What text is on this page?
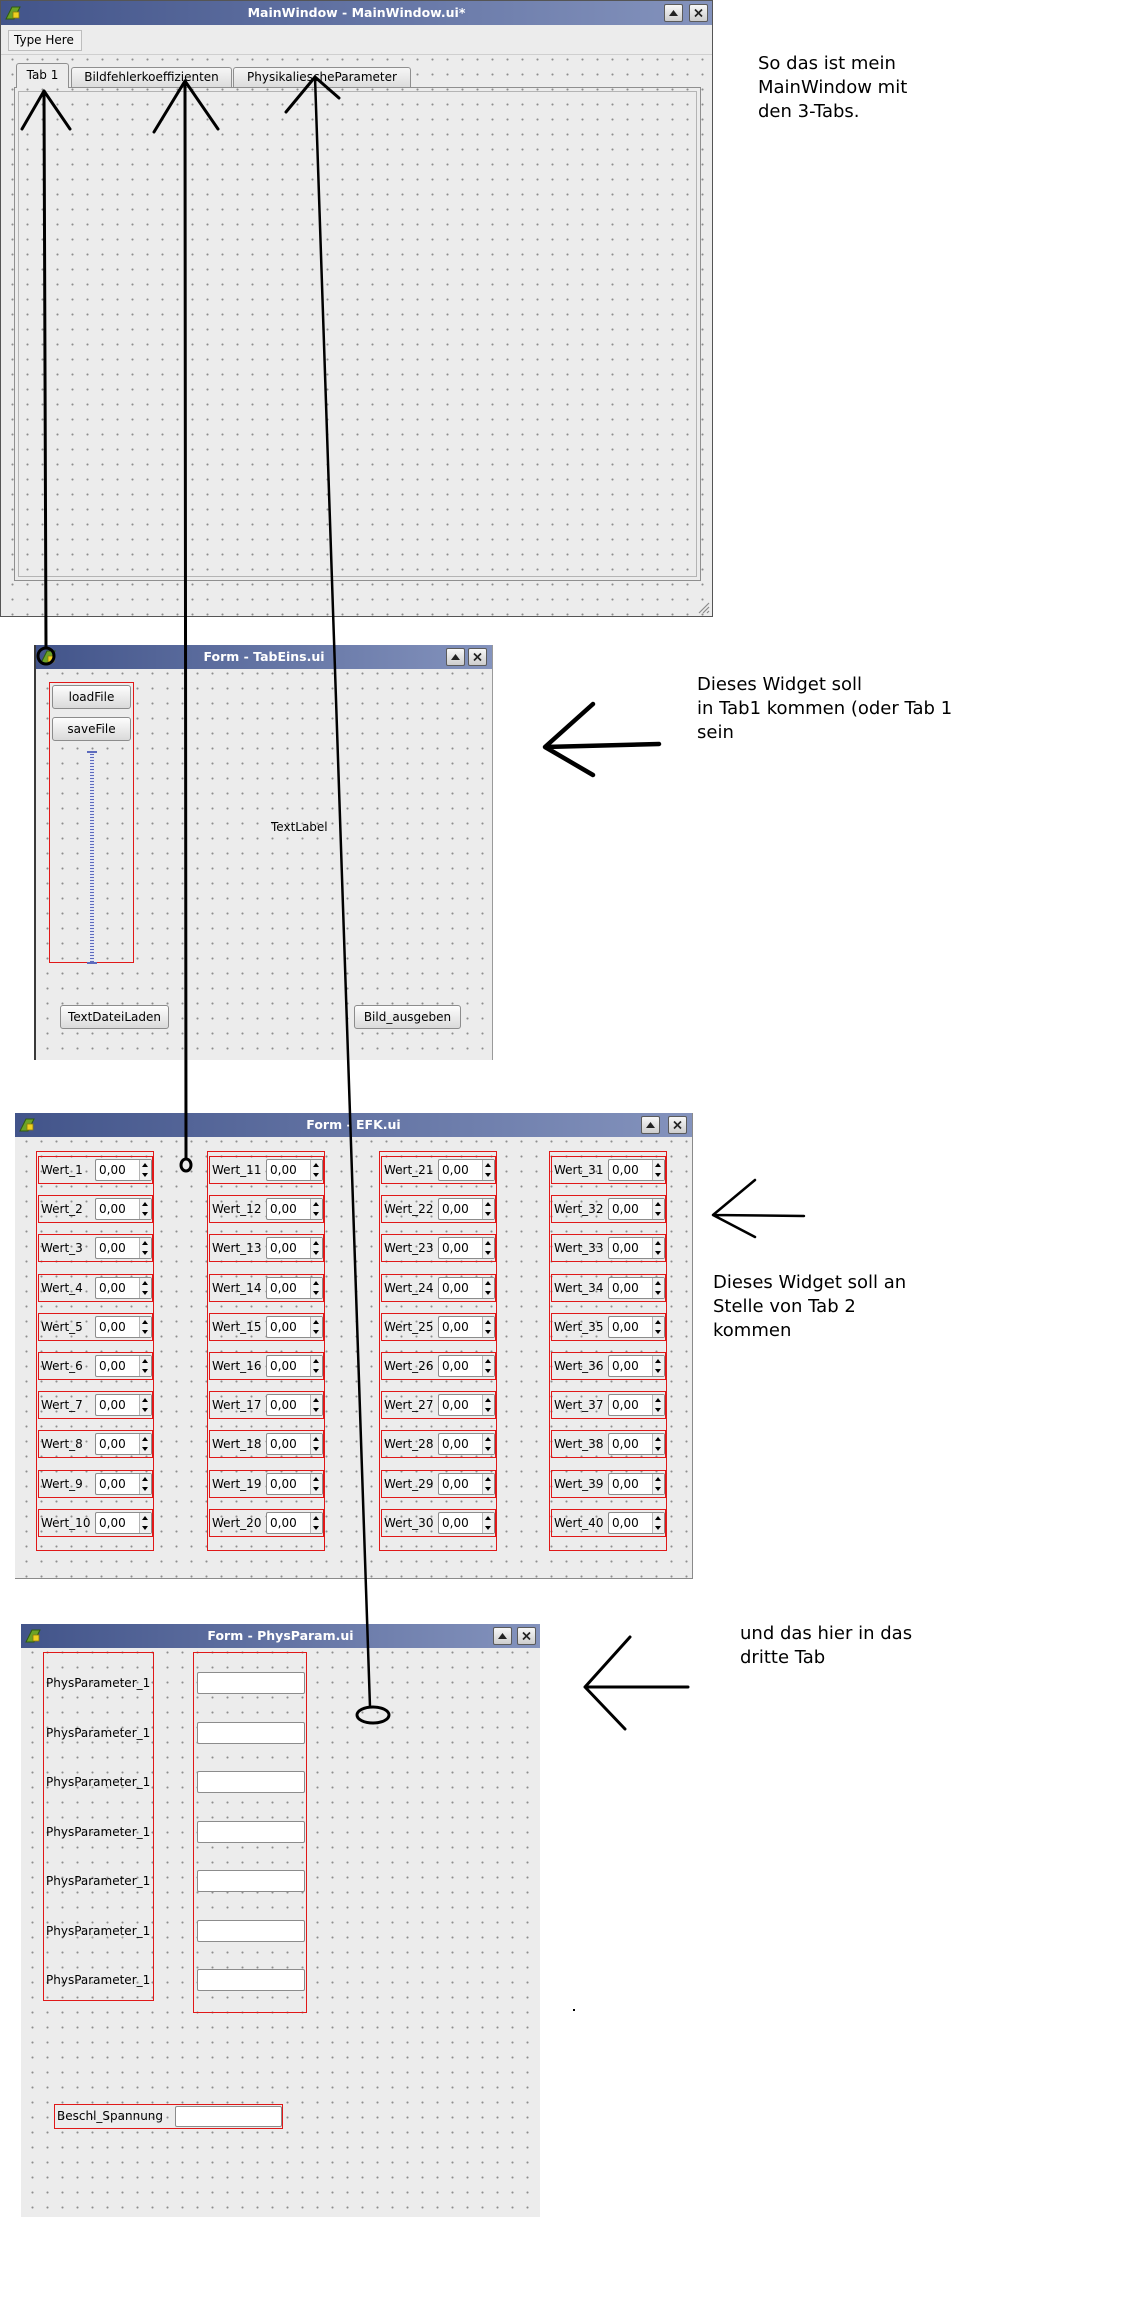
MainWindow - MainWindow.ui*
Type Here
Tab 1	Bildfehlerkoeffizienten	PhysikaliescheParameter
Form - TabEins.ui
loadFile
saveFile
TextLabel
TextDateiLaden	Bild_ausgeben
Form - EFK.ui
Wert_1 0,00
Wert_2 0,00
Wert_3 0,00
Wert_4 0,00
Wert_5 0,00
Wert_6 0,00
Wert_7 0,00
Wert_8 0,00
Wert_9 0,00
Wert_10 0,00
Wert_11 0,00
Wert_12 0,00
Wert_13 0,00
Wert_14 0,00
Wert_15 0,00
Wert_16 0,00
Wert_17 0,00
Wert_18 0,00
Wert_19 0,00
Wert_20 0,00
Wert_21 0,00
Wert_22 0,00
Wert_23 0,00
Wert_24 0,00
Wert_25 0,00
Wert_26 0,00
Wert_27 0,00
Wert_28 0,00
Wert_29 0,00
Wert_30 0,00
Wert_31 0,00
Wert_32 0,00
Wert_33 0,00
Wert_34 0,00
Wert_35 0,00
Wert_36 0,00
Wert_37 0,00
Wert_38 0,00
Wert_39 0,00
Wert_40 0,00
Form - PhysParam.ui
PhysParameter_1
PhysParameter_1
PhysParameter_1
PhysParameter_1
PhysParameter_1
PhysParameter_1
PhysParameter_1
Beschl_Spannung
So das ist mein
MainWindow mit
den 3-Tabs.
Dieses Widget soll
in Tab1 kommen (oder Tab 1
sein
Dieses Widget soll an
Stelle von Tab 2
kommen
und das hier in das
dritte Tab
